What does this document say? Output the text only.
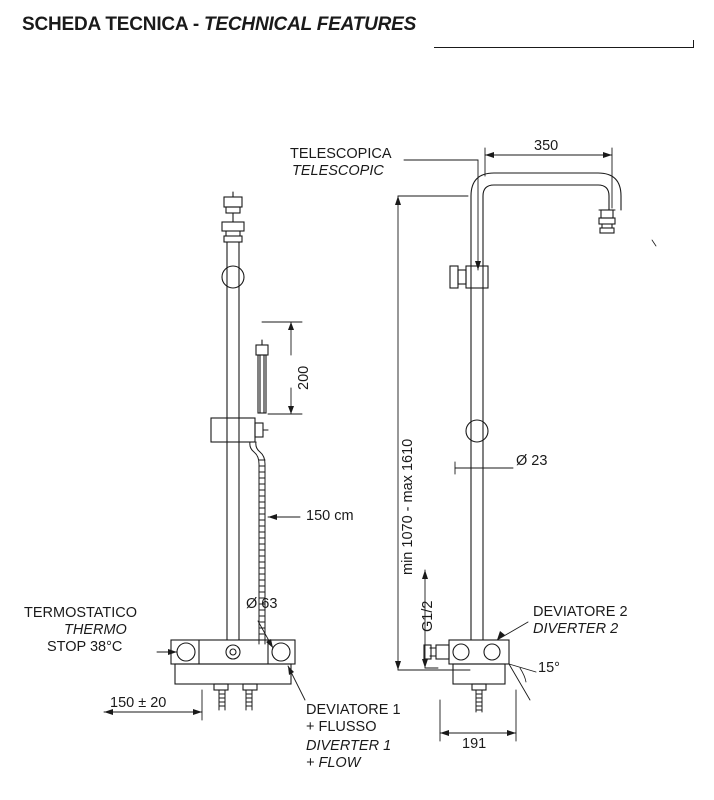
SCHEDA TECNICA - TECHNICAL FEATURES
TELESCOPICA
TELESCOPIC
350
200
150 cm
Ø 63
Ø 23
min 1070 - max 1610
G1/2
TERMOSTATICO
THERMO
STOP 38°C
150 ± 20	DEVIATORE 1
+ FLUSSO
DIVERTER 1
+ FLOW
DEVIATORE 2
DIVERTER 2
15°
191
